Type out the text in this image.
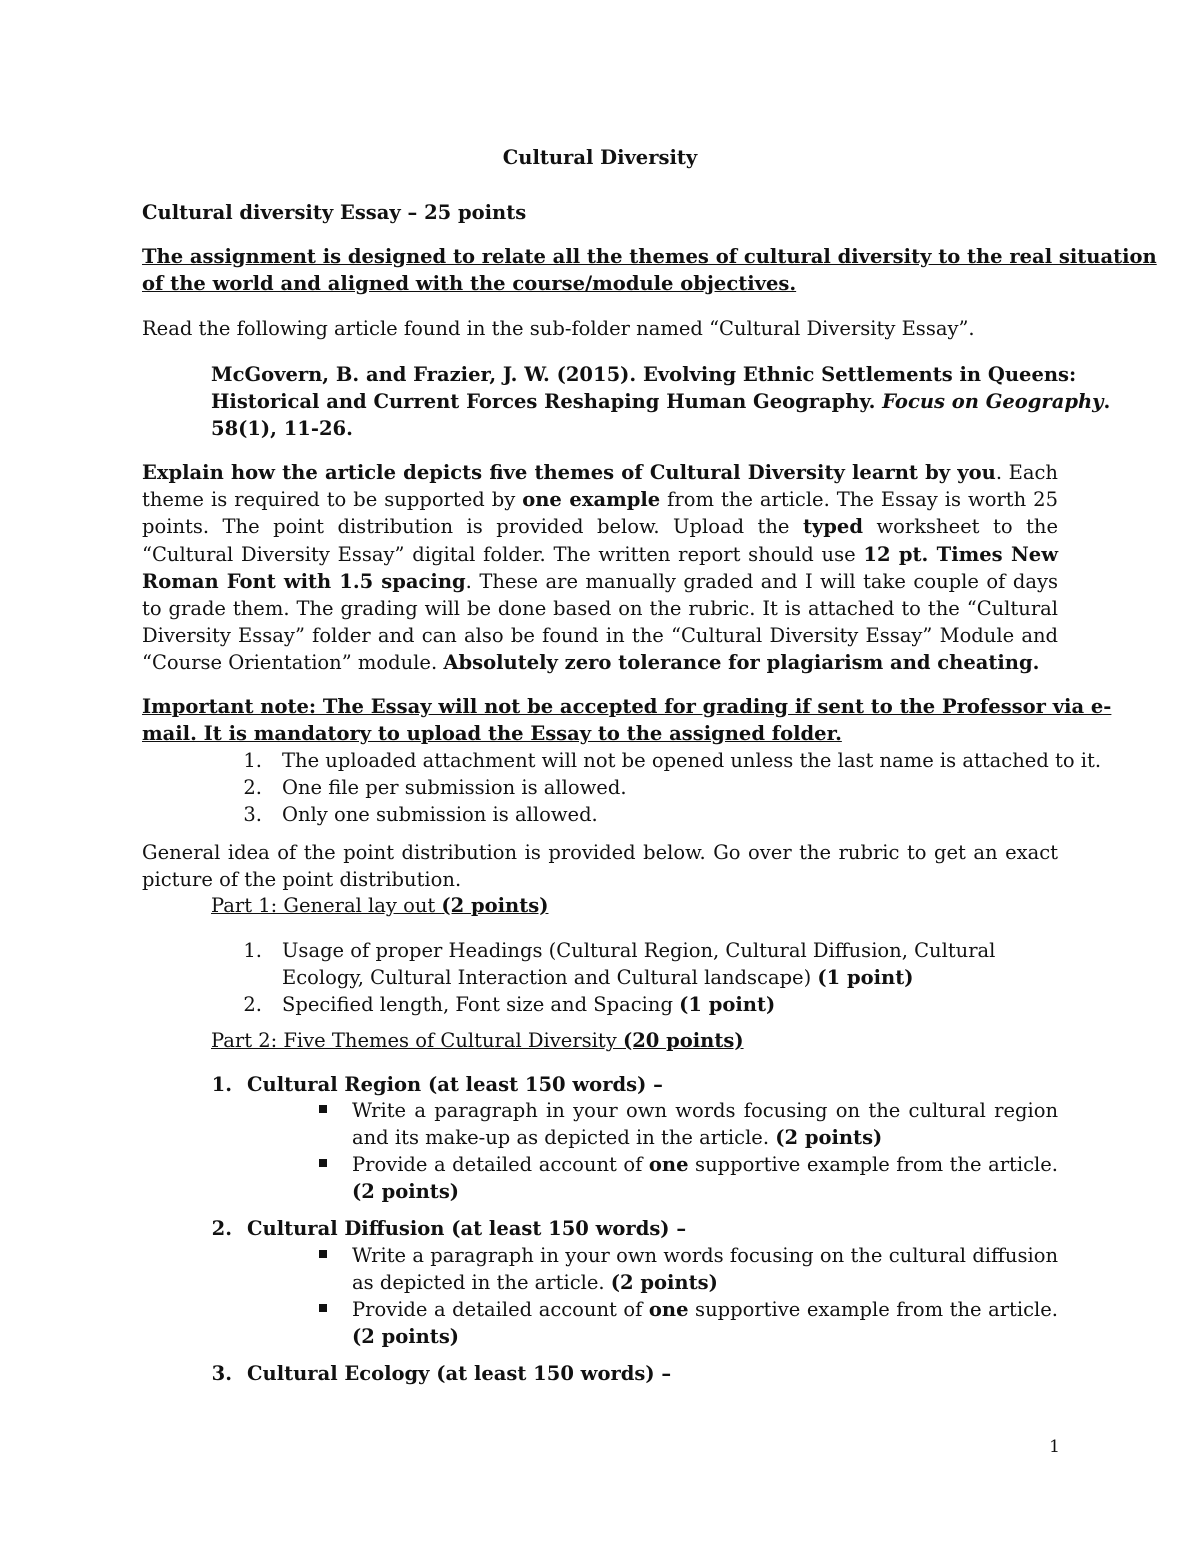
Cultural Diversity
Cultural diversity Essay – 25 points
The assignment is designed to relate all the themes of cultural diversity to the real situation
of the world and aligned with the course/module objectives.
Read the following article found in the sub-folder named “Cultural Diversity Essay”.
McGovern, B. and Frazier, J. W. (2015). Evolving Ethnic Settlements in Queens:
Historical and Current Forces Reshaping Human Geography. Focus on Geography.
58(1), 11-26.
Explain how the article depicts five themes of Cultural Diversity learnt by you. Each theme is required to be supported by one example from the article. The Essay is worth 25 points. The point distribution is provided below. Upload the typed worksheet to the “Cultural Diversity Essay” digital folder. The written report should use 12 pt. Times New Roman Font with 1.5 spacing. These are manually graded and I will take couple of days to grade them. The grading will be done based on the rubric. It is attached to the “Cultural Diversity Essay” folder and can also be found in the “Cultural Diversity Essay” Module and “Course Orientation” module. Absolutely zero tolerance for plagiarism and cheating.
Important note: The Essay will not be accepted for grading if sent to the Professor via e-
mail. It is mandatory to upload the Essay to the assigned folder.
1. The uploaded attachment will not be opened unless the last name is attached to it.
2. One file per submission is allowed.
3. Only one submission is allowed.
General idea of the point distribution is provided below. Go over the rubric to get an exact picture of the point distribution.
Part 1: General lay out (2 points)
1. Usage of proper Headings (Cultural Region, Cultural Diffusion, Cultural Ecology, Cultural Interaction and Cultural landscape) (1 point)
2. Specified length, Font size and Spacing (1 point)
Part 2: Five Themes of Cultural Diversity (20 points)
1. Cultural Region (at least 150 words) –
Write a paragraph in your own words focusing on the cultural region and its make-up as depicted in the article. (2 points)
Provide a detailed account of one supportive example from the article. (2 points)
2. Cultural Diffusion (at least 150 words) –
Write a paragraph in your own words focusing on the cultural diffusion as depicted in the article. (2 points)
Provide a detailed account of one supportive example from the article. (2 points)
3. Cultural Ecology (at least 150 words) –
1
